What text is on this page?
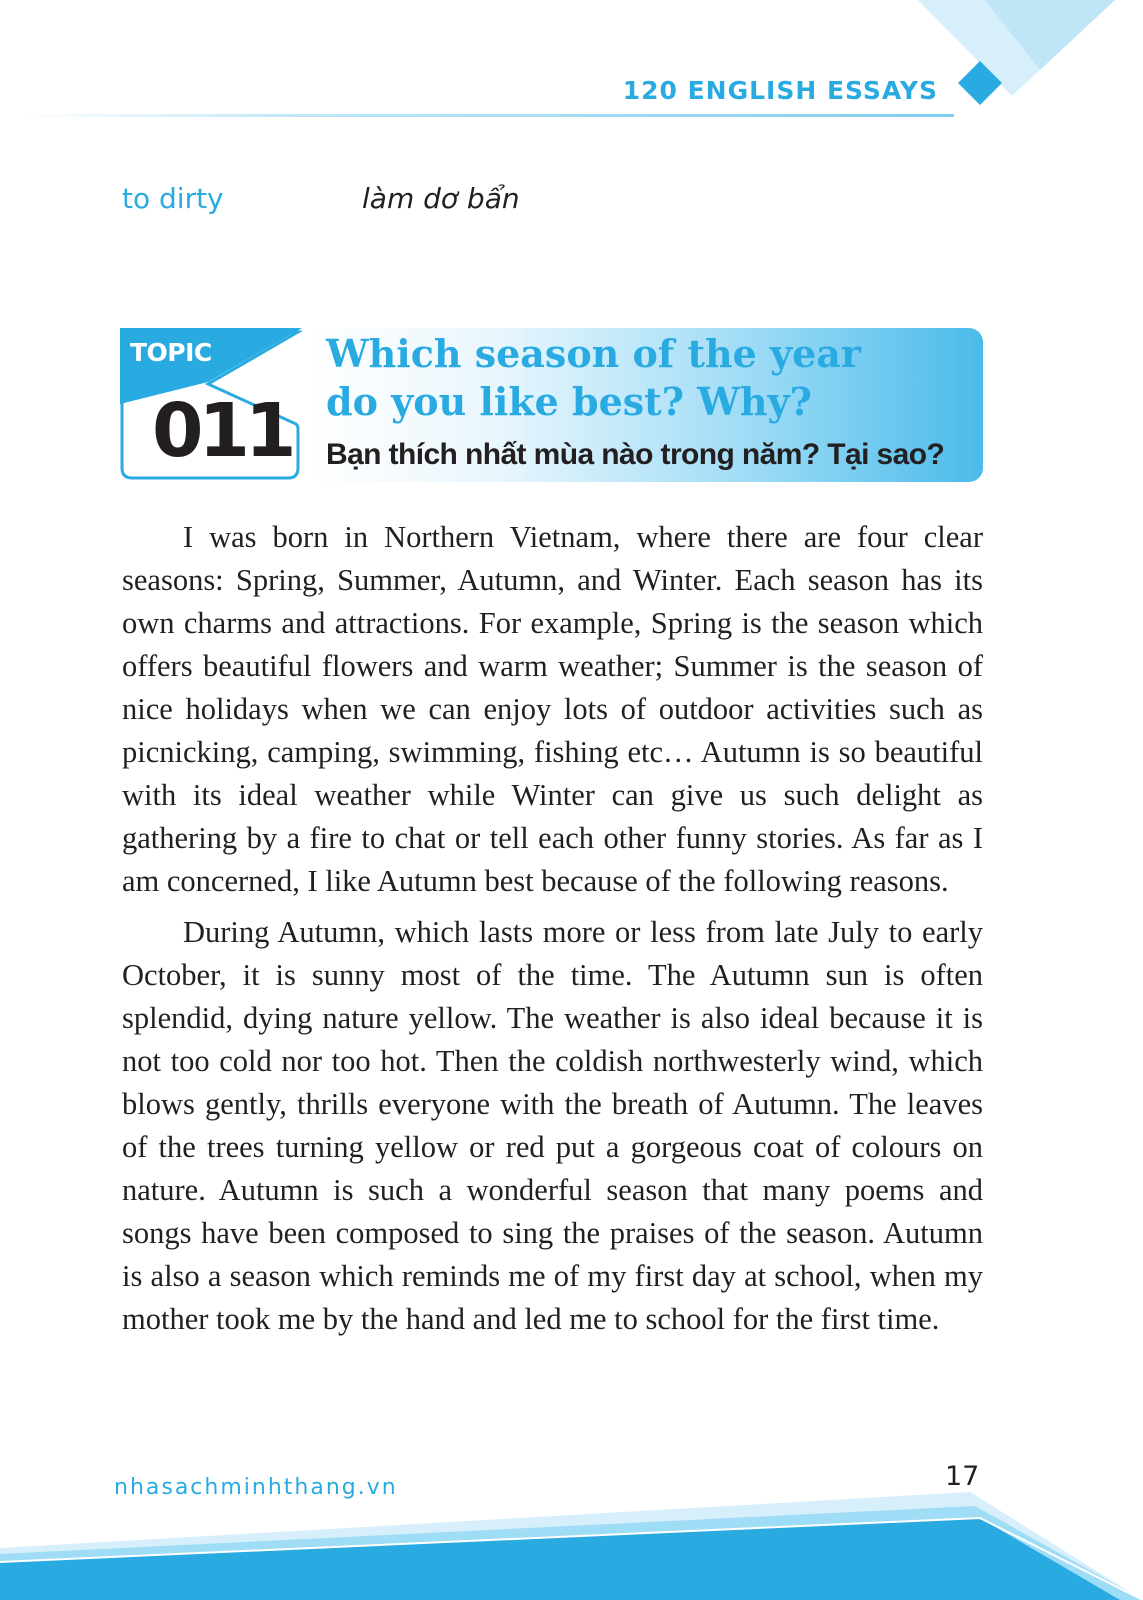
120 ENGLISH ESSAYS
to dirty	làm dơ bẩn
TOPIC
011
Which season of the year
do you like best? Why?
Bạn thích nhất mùa nào trong năm? Tại sao?

I was born in Northern Vietnam, where there are four clear seasons: Spring, Summer, Autumn, and Winter. Each season has its own charms and attractions. For example, Spring is the season which offers beautiful flowers and warm weather; Summer is the season of nice holidays when we can enjoy lots of outdoor activities such as picnicking, camping, swimming, fishing etc… Autumn is so beautiful with its ideal weather while Winter can give us such delight as gathering by a fire to chat or tell each other funny stories. As far as I am concerned, I like Autumn best because of the following reasons.

During Autumn, which lasts more or less from late July to early October, it is sunny most of the time. The Autumn sun is often splendid, dying nature yellow. The weather is also ideal because it is not too cold nor too hot. Then the coldish northwesterly wind, which blows gently, thrills everyone with the breath of Autumn. The leaves of the trees turning yellow or red put a gorgeous coat of colours on nature. Autumn is such a wonderful season that many poems and songs have been composed to sing the praises of the season. Autumn is also a season which reminds me of my first day at school, when my mother took me by the hand and led me to school for the first time.

nhasachminhthang.vn	17
